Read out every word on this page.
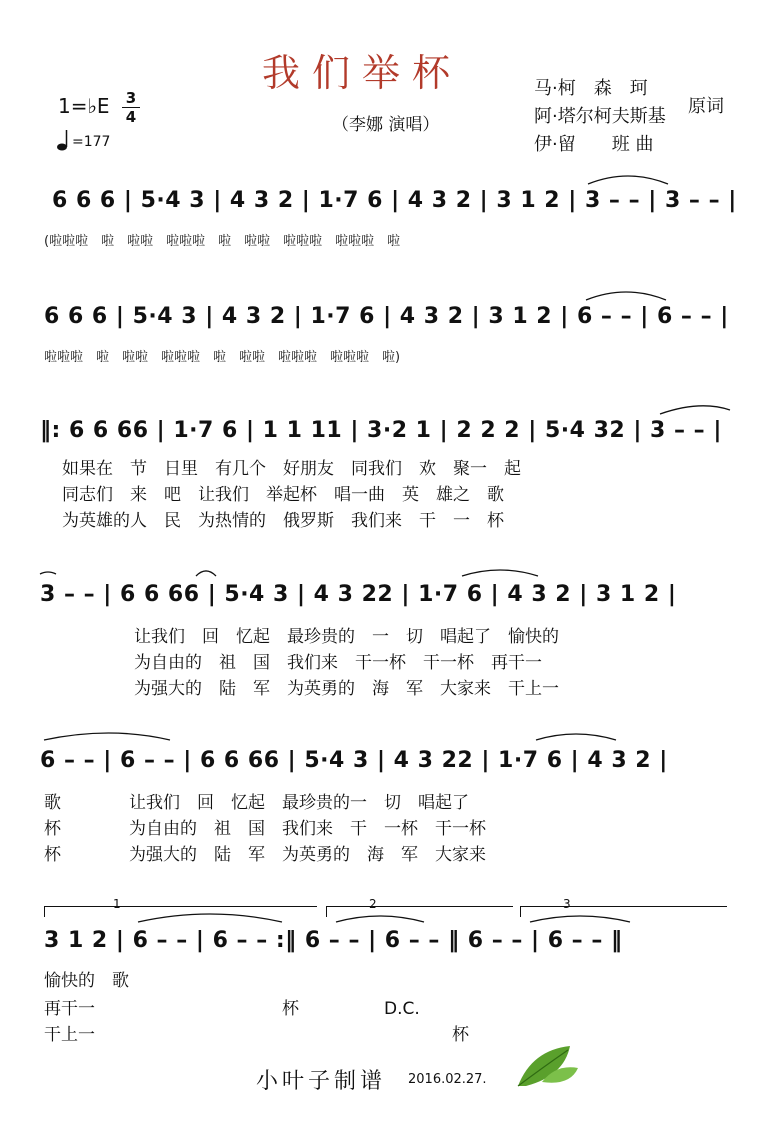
我们举杯
1=♭E 3
4
=177
（李娜 演唱）
马·柯　森　珂
阿·塔尔柯夫斯基 原词
伊·留　　班 曲
6 6 6 | 5·4 3 | 4 3 2 | 1·7 6 | 4 3 2 | 3 1 2 | 3 – – | 3 – – |
(啦啦啦　啦　啦啦　啦啦啦　啦　啦啦　啦啦啦　啦啦啦　啦
6 6 6 | 5·4 3 | 4 3 2 | 1·7 6 | 4 3 2 | 3 1 2 | 6 – – | 6 – – |
啦啦啦　啦　啦啦　啦啦啦　啦　啦啦　啦啦啦　啦啦啦　啦)
‖: 6 6 66 | 1·7 6 | 1 1 11 | 3·2 1 | 2 2 2 | 5·4 32 | 3 – – |
如果在　节　日里　有几个　好朋友　同我们　欢　聚一　起
同志们　来　吧　让我们　举起杯　唱一曲　英　雄之　歌
为英雄的人　民　为热情的　俄罗斯　我们来　干　一　杯
3 – – | 6 6 66 | 5·4 3 | 4 3 22 | 1·7 6 | 4 3 2 | 3 1 2 |
让我们　回　忆起　最珍贵的　一　切　唱起了　愉快的
为自由的　祖　国　我们来　干一杯　干一杯　再干一
为强大的　陆　军　为英勇的　海　军　大家来　干上一
6 – – | 6 – – | 6 6 66 | 5·4 3 | 4 3 22 | 1·7 6 | 4 3 2 |
歌　　　　让我们　回　忆起　最珍贵的一　切　唱起了
杯　　　　为自由的　祖　国　我们来　干　一杯　干一杯
杯　　　　为强大的　陆　军　为英勇的　海　军　大家来
1	2	3
3 1 2 | 6 – – | 6 – – :‖ 6 – – | 6 – – ‖ 6 – – | 6 – – ‖
愉快的　歌
再干一　　　　　　　　　　　杯　　　　　D.C.
干上一　　　　　　　　　　　　　　　　　　　　　杯
小叶子制谱 2016.02.27.
